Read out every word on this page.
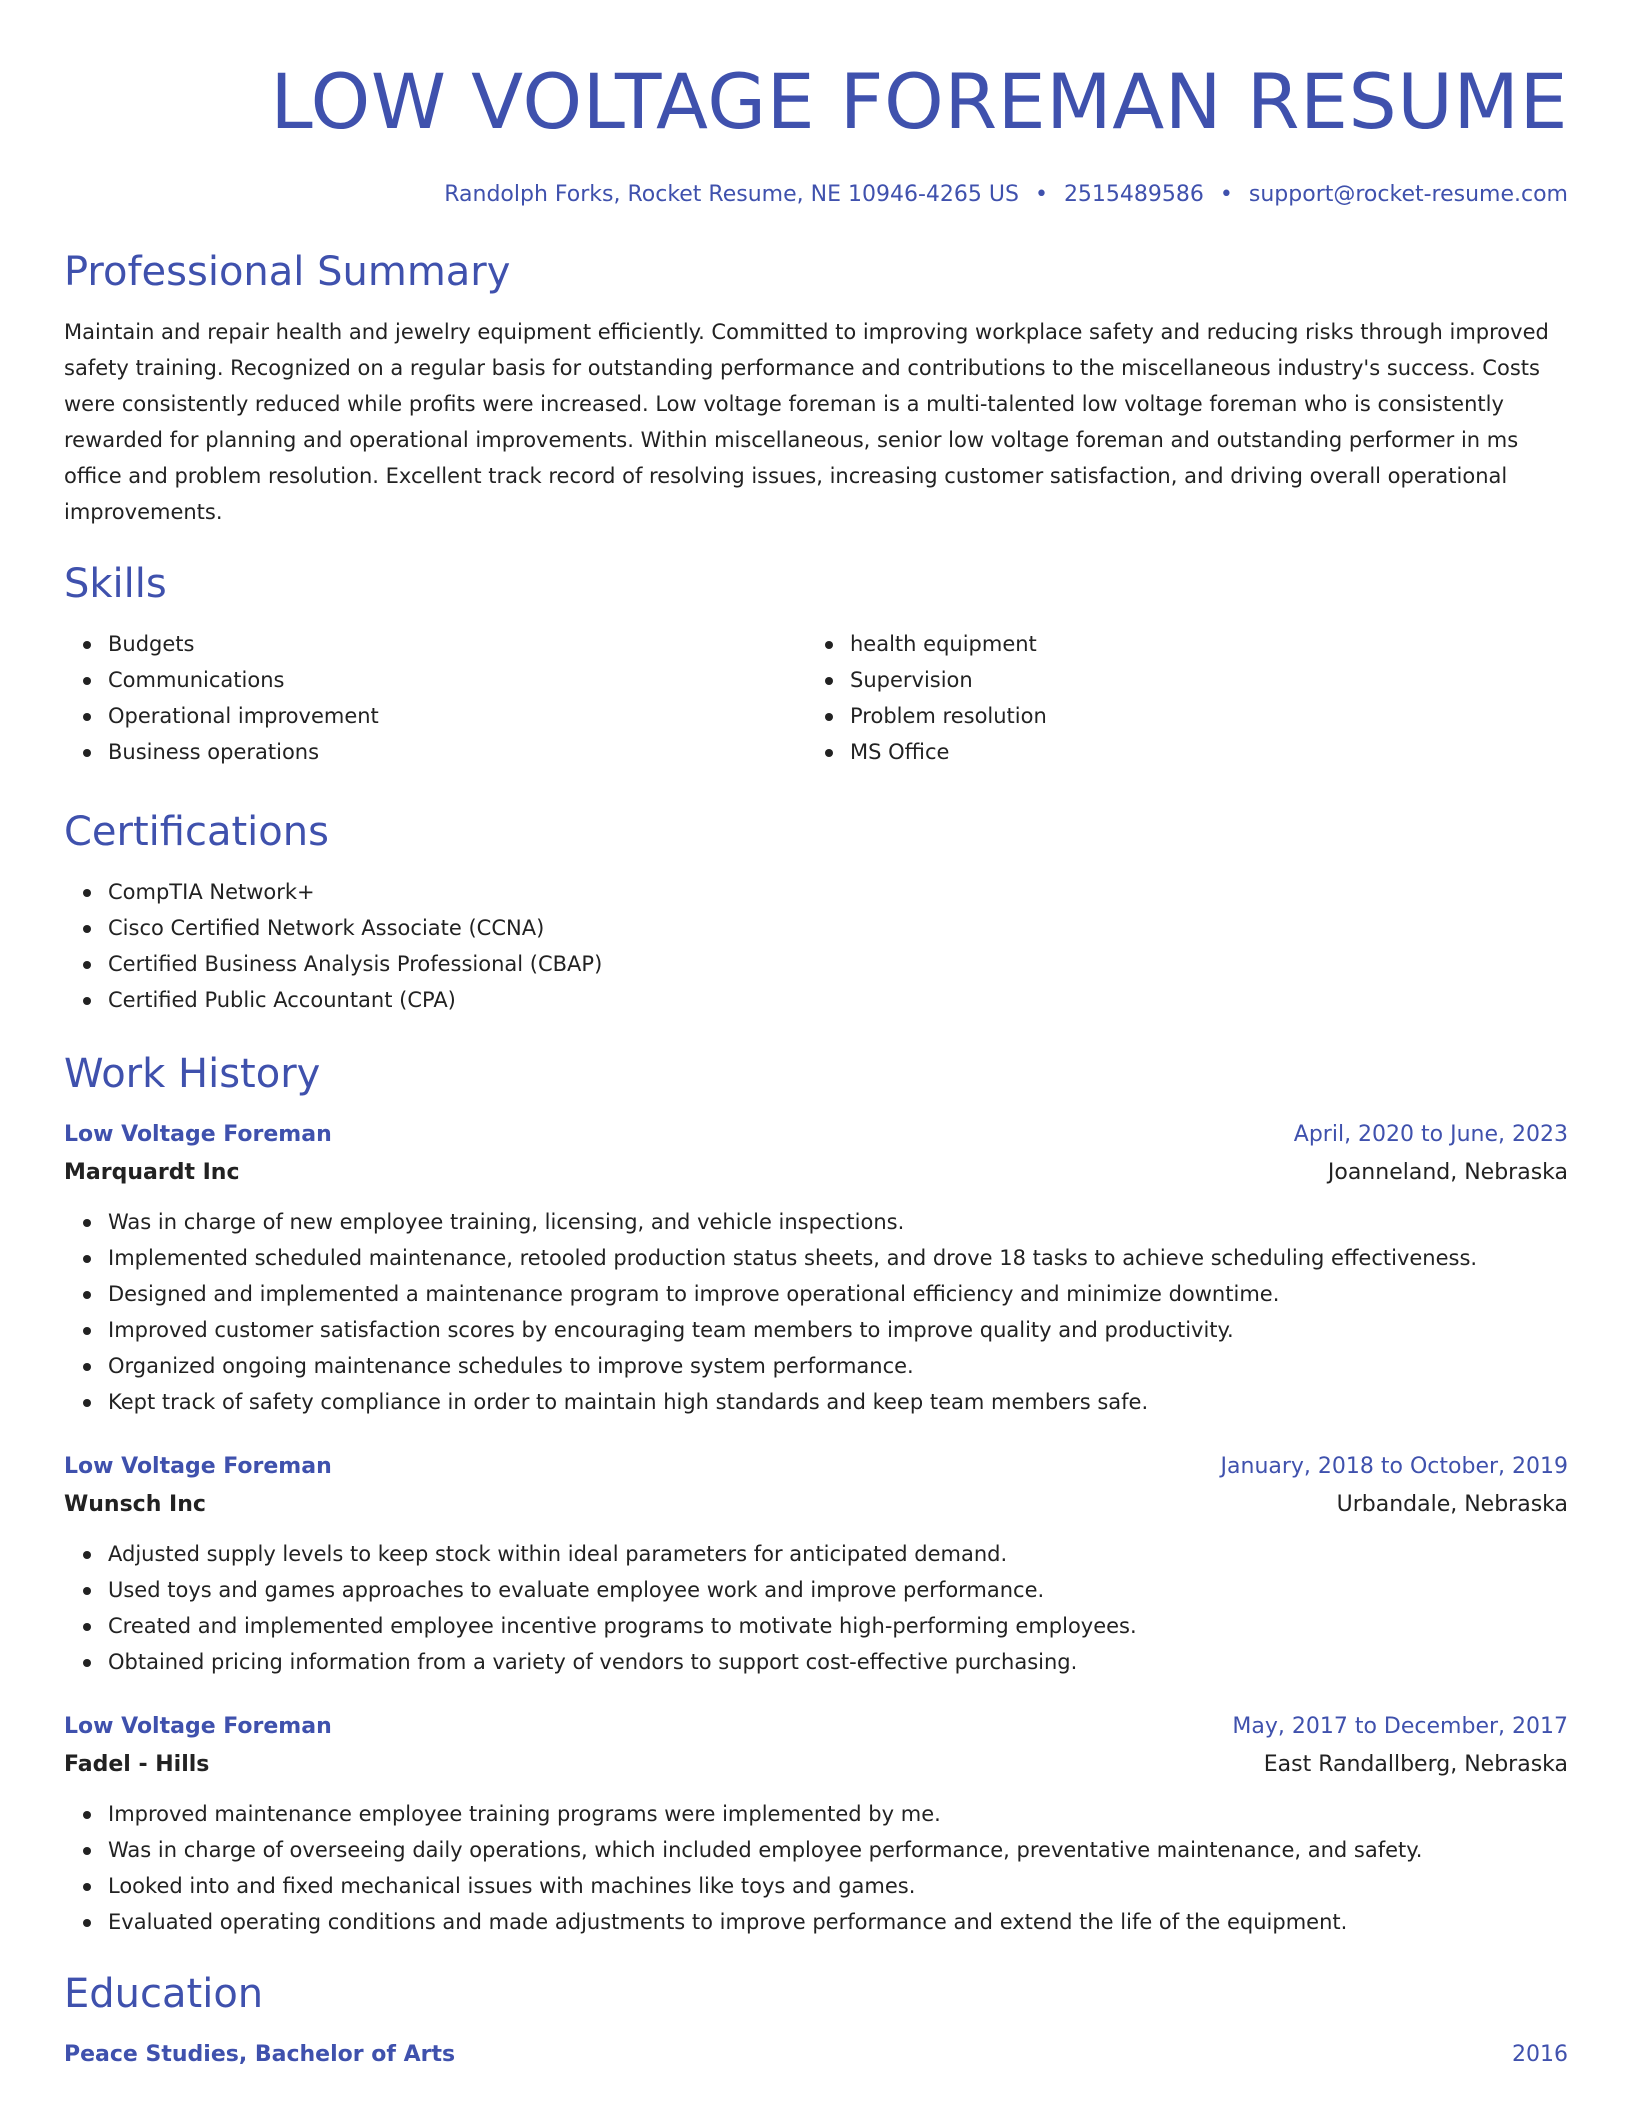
LOW VOLTAGE FOREMAN RESUME
Randolph Forks, Rocket Resume, NE 10946-4265 US • 2515489586 • support@rocket-resume.com
Professional Summary

Maintain and repair health and jewelry equipment efficiently. Committed to improving workplace safety and reducing risks through improved safety training. Recognized on a regular basis for outstanding performance and contributions to the miscellaneous industry's success. Costs were consistently reduced while profits were increased. Low voltage foreman is a multi-talented low voltage foreman who is consistently rewarded for planning and operational improvements. Within miscellaneous, senior low voltage foreman and outstanding performer in ms office and problem resolution. Excellent track record of resolving issues, increasing customer satisfaction, and driving overall operational improvements.

Skills
Budgets
Communications
Operational improvement
Business operations
health equipment
Supervision
Problem resolution
MS Office
Certifications
CompTIA Network+
Cisco Certified Network Associate (CCNA)
Certified Business Analysis Professional (CBAP)
Certified Public Accountant (CPA)
Work History
Low Voltage Foreman	April, 2020 to June, 2023
Marquardt Inc	Joanneland, Nebraska
Was in charge of new employee training, licensing, and vehicle inspections.
Implemented scheduled maintenance, retooled production status sheets, and drove 18 tasks to achieve scheduling effectiveness.
Designed and implemented a maintenance program to improve operational efficiency and minimize downtime.
Improved customer satisfaction scores by encouraging team members to improve quality and productivity.
Organized ongoing maintenance schedules to improve system performance.
Kept track of safety compliance in order to maintain high standards and keep team members safe.
Low Voltage Foreman	January, 2018 to October, 2019
Wunsch Inc	Urbandale, Nebraska
Adjusted supply levels to keep stock within ideal parameters for anticipated demand.
Used toys and games approaches to evaluate employee work and improve performance.
Created and implemented employee incentive programs to motivate high-performing employees.
Obtained pricing information from a variety of vendors to support cost-effective purchasing.
Low Voltage Foreman	May, 2017 to December, 2017
Fadel - Hills	East Randallberg, Nebraska
Improved maintenance employee training programs were implemented by me.
Was in charge of overseeing daily operations, which included employee performance, preventative maintenance, and safety.
Looked into and fixed mechanical issues with machines like toys and games.
Evaluated operating conditions and made adjustments to improve performance and extend the life of the equipment.
Education
Peace Studies, Bachelor of Arts	2016
